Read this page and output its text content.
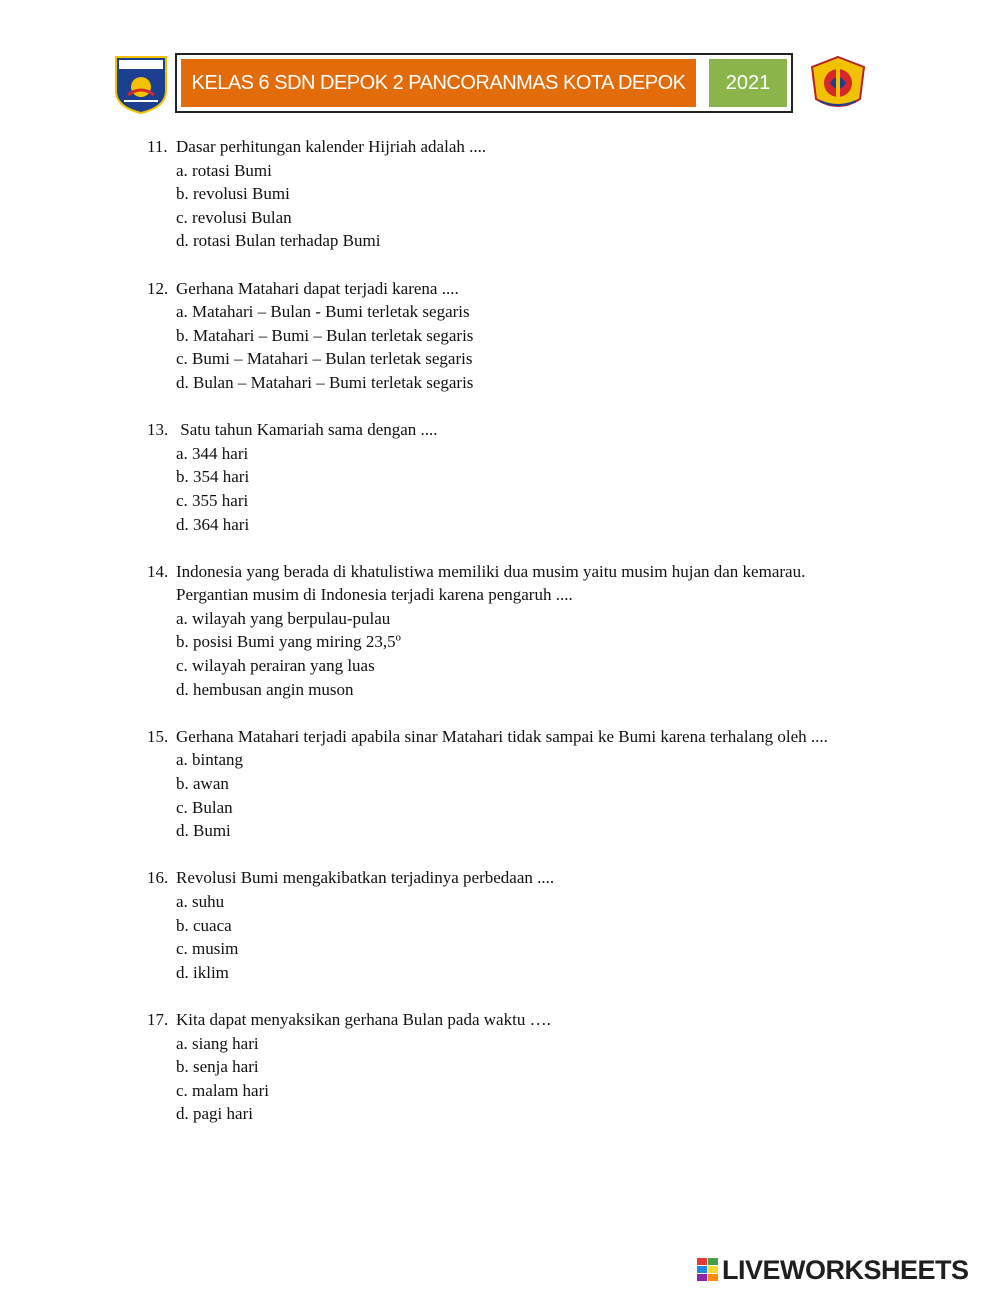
KELAS 6 SDN DEPOK 2 PANCORANMAS KOTA DEPOK	2021
11. Dasar perhitungan kalender Hijriah adalah ....
a. rotasi Bumi
b. revolusi Bumi
c. revolusi Bulan
d. rotasi Bulan terhadap Bumi
12. Gerhana Matahari dapat terjadi karena ....
a. Matahari – Bulan - Bumi terletak segaris
b. Matahari – Bumi – Bulan terletak segaris
c. Bumi – Matahari – Bulan terletak segaris
d. Bulan – Matahari – Bumi terletak segaris
13. Satu tahun Kamariah sama dengan ....
a. 344 hari
b. 354 hari
c. 355 hari
d. 364 hari
14. Indonesia yang berada di khatulistiwa memiliki dua musim yaitu musim hujan dan kemarau.
Pergantian musim di Indonesia terjadi karena pengaruh ....
a. wilayah yang berpulau-pulau
b. posisi Bumi yang miring 23,5º
c. wilayah perairan yang luas
d. hembusan angin muson
15. Gerhana Matahari terjadi apabila sinar Matahari tidak sampai ke Bumi karena terhalang oleh ....
a. bintang
b. awan
c. Bulan
d. Bumi
16. Revolusi Bumi mengakibatkan terjadinya perbedaan ....
a. suhu
b. cuaca
c. musim
d. iklim
17. Kita dapat menyaksikan gerhana Bulan pada waktu ….
a. siang hari
b. senja hari
c. malam hari
d. pagi hari
LIVEWORKSHEETS
